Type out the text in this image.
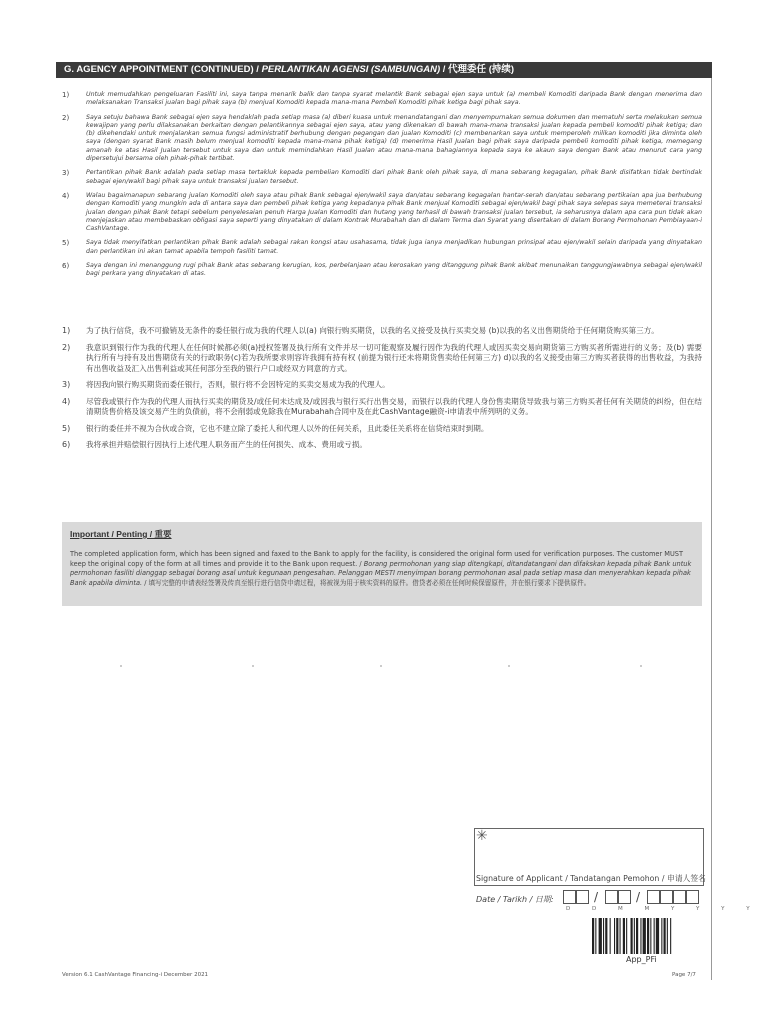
G. AGENCY APPOINTMENT (CONTINUED) / PERLANTIKAN AGENSI (SAMBUNGAN) / 代理委任 (持续)
1)	Untuk memudahkan pengeluaran Fasiliti ini, saya tanpa menarik balik dan tanpa syarat melantik Bank sebagai ejen saya untuk (a) membeli Komoditi daripada Bank dengan menerima dan melaksanakan Transaksi jualan bagi pihak saya (b) menjual Komoditi kepada mana-mana Pembeli Komoditi pihak ketiga bagi pihak saya.
2)	Saya setuju bahawa Bank sebagai ejen saya hendaklah pada setiap masa (a) diberi kuasa untuk menandatangani dan menyempurnakan semua dokumen dan mematuhi serta melakukan semua kewajipan yang perlu dilaksanakan berkaitan dengan pelantikannya sebagai ejen saya, atau yang dikenakan di bawah mana-mana transaksi jualan kepada pembeli komoditi pihak ketiga; dan (b) dikehendaki untuk menjalankan semua fungsi administratif berhubung dengan pegangan dan jualan Komoditi (c) membenarkan saya untuk memperoleh milikan komoditi jika diminta oleh saya (dengan syarat Bank masih belum menjual komoditi kepada mana-mana pihak ketiga) (d) menerima Hasil Jualan bagi pihak saya daripada pembeli komoditi pihak ketiga, memegang amanah ke atas Hasil Jualan tersebut untuk saya dan untuk memindahkan Hasil Jualan atau mana-mana bahagiannya kepada saya ke akaun saya dengan Bank atau menurut cara yang dipersetujui bersama oleh pihak-pihak tertibat.
3)	Pertantikan pihak Bank adalah pada setiap masa tertakluk kepada pembelian Komoditi dari pihak Bank oleh pihak saya, di mana sebarang kegagalan, pihak Bank disifatkan tidak bertindak sebagai ejen/wakil bagi pihak saya untuk transaksi jualan tersebut.
4)	Walau bagaimanapun sebarang jualan Komoditi oleh saya atau pihak Bank sebagai ejen/wakil saya dan/atau sebarang kegagalan hantar-serah dan/atau sebarang pertikaian apa jua berhubung dengan Komoditi yang mungkin ada di antara saya dan pembeli pihak ketiga yang kepadanya pihak Bank menjual Komoditi sebagai ejen/wakil bagi pihak saya selepas saya memeterai transaksi jualan dengan pihak Bank tetapi sebelum penyelesaian penuh Harga Jualan Komoditi dan hutang yang terhasil di bawah transaksi jualan tersebut, ia seharusnya dalam apa cara pun tidak akan menjejaskan atau membebaskan obligasi saya seperti yang dinyatakan di dalam Kontrak Murabahah dan di dalam Terma dan Syarat yang disertakan di dalam Borang Permohonan Pembiayaan-i CashVantage.
5)	Saya tidak menyifatkan perlantikan pihak Bank adalah sebagai rakan kongsi atau usahasama, tidak juga ianya menjadikan hubungan prinsipal atau ejen/wakil selain daripada yang dinyatakan dan perlantikan ini akan tamat apabila tempoh fasiliti tamat.
6)	Saya dengan ini menanggung rugi pihak Bank atas sebarang kerugian, kos, perbelanjaan atau kerosakan yang ditanggung pihak Bank akibat menunaikan tanggungjawabnya sebagai ejen/wakil bagi perkara yang dinyatakan di atas.
1)	为了执行信贷，我不可撤销及无条件的委任银行成为我的代理人以(a) 向银行购买期货，以我的名义接受及执行买卖交易 (b)以我的名义出售期货给于任何期货购买第三方。
2)	我意识到银行作为我的代理人在任何时候都必须(a)授权签署及执行所有文件并尽一切可能观察及履行因作为我的代理人或因买卖交易向期货第三方购买者所需进行的义务；及(b) 需要执行所有与持有及出售期货有关的行政职务(c)若为我所要求则容许我拥有持有权 (前提为银行还未将期货售卖给任何第三方) d)以我的名义接受由第三方购买者获得的出售收益，为我持有出售收益及汇入出售利益或其任何部分至我的银行户口或经双方同意的方式。
3)	将因我向银行购买期货而委任银行，否则，银行将不会因特定的买卖交易成为我的代理人。
4)	尽管我或银行作为我的代理人而执行买卖的期货及/或任何未达成及/或因我与银行买行出售交易，而银行以我的代理人身份售卖期货导致我与第三方购买者任何有关期货的纠纷，但在结清期货售价格及该交易产生的负债前，将不会削弱或免除我在Murabahah合同中及在此CashVantage融资-i申请表中所列明的义务。
5)	银行的委任并不视为合伙或合资，它也不建立除了委托人和代理人以外的任何关系，且此委任关系将在信贷结束时到期。
6)	我将承担并赔偿银行因执行上述代理人职务而产生的任何损失、成本、费用或亏损。
Important / Penting / 重要
The completed application form, which has been signed and faxed to the Bank to apply for the facility, is considered the original form used for verification purposes. The customer MUST keep the original copy of the form at all times and provide it to the Bank upon request. / Borang permohonan yang siap ditengkapi, ditandatangani dan difakskan kepada pihak Bank untuk permohonan fasiliti dianggap sebagai borang asal untuk kegunaan pengesahan. Pelanggan MESTI menyimpan borang permohonan asal pada setiap masa dan menyerahkan kepada pihak Bank apabila diminta. / 填写完整的申请表经签署及传真至银行进行信贷申请过程，将被视为用于核实资料的原件。借贷者必须在任何时候保留原件，并在银行要求下提供原件。
✳
Signature of Applicant / Tandatangan Pemohon / 申请人签名
Date / Tarikh / 日期:	/	/
D D M M Y Y Y Y
App_PFi
Version 6.1 CashVantage Financing-i December 2021	Page 7/7
